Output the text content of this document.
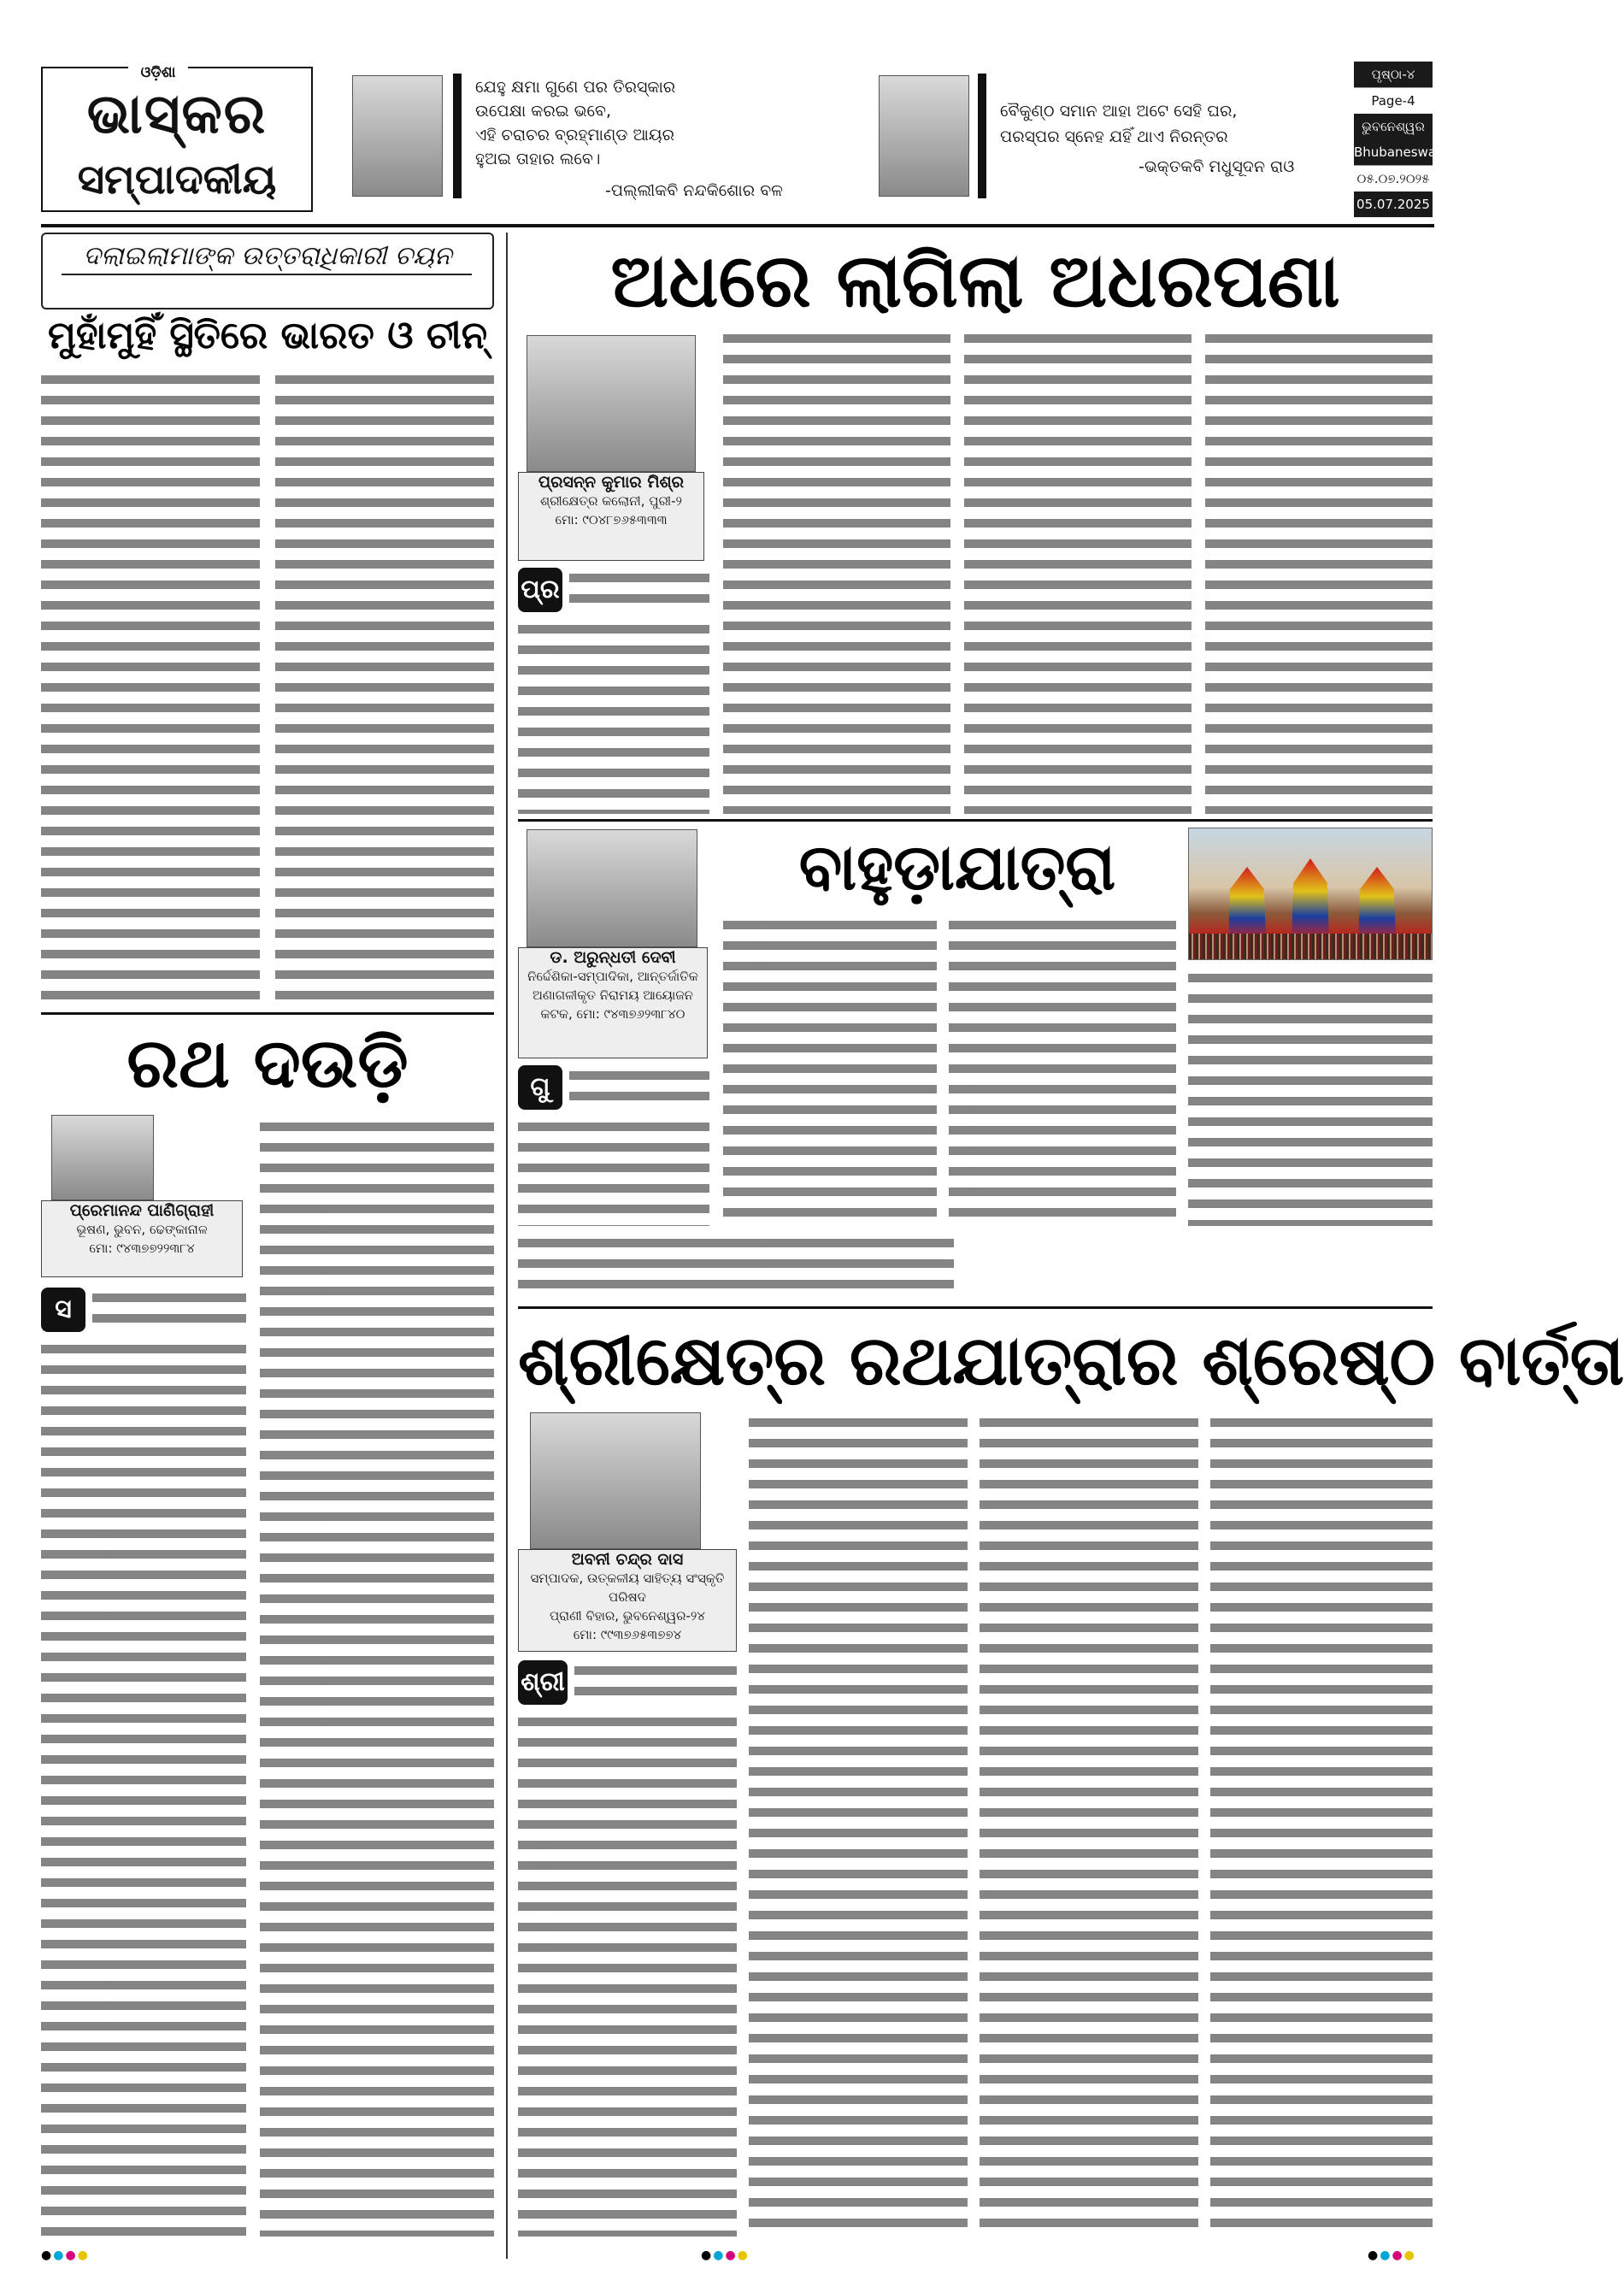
ଓଡ଼ିଶା
ଭାସ୍କର
ସମ୍ପାଦକୀୟ
ଯେହୁ କ୍ଷମା ଗୁଣେ ପର ତିରସ୍କାର
ଉପେକ୍ଷା କରଇ ଭବେ,
ଏହି ଚରାଚର ବ୍ରହ୍ମାଣ୍ଡ ଆୟର
ହୁଅଇ ତାହାର ଲବେ।
-ପଲ୍ଲୀକବି ନନ୍ଦକିଶୋର ବଳ
ବୈକୁଣ୍ଠ ସମାନ ଆହା ଅଟେ ସେହି ଘର,
ପରସ୍ପର ସ୍ନେହ ଯହିଁ ଥାଏ ନିରନ୍ତର
-ଭକ୍ତକବି ମଧୁସୂଦନ ରାଓ
ପୃଷ୍ଠା-୪
Page-4
ଭୁବନେଶ୍ୱର
Bhubaneswar
୦୫.୦୭.୨୦୨୫
05.07.2025
ଦଲାଇଲାମାଙ୍କ ଉତ୍ତରାଧିକାରୀ ଚୟନ
ମୁହାଁମୁହିଁ ସ୍ଥିତିରେ ଭାରତ ଓ ଚୀନ୍
ଅଧରେ ଲାଗିଲା ଅଧରପଣା
ପ୍ରସନ୍ନ କୁମାର ମିଶ୍ର
ଶ୍ରୀକ୍ଷେତ୍ର କଲୋନୀ, ପୁରୀ-୨
ମୋ: ୯୦୪୮୭୬୫୩୩୩
ପ୍ର
ବାହୁଡ଼ାଯାତ୍ରା
ଡ. ଅରୁନ୍ଧତୀ ଦେବୀ
ନିର୍ଦ୍ଦେଶିକା-ସମ୍ପାଦିକା, ଆନ୍ତର୍ଜାତିକ
ଅଣାଗଳୀକୃତ ନିରାମୟ ଆୟୋଜନ
କଟକ, ମୋ: ୯୪୩୭୬୨୩୮୪୦
ଗୁ
ରଥ ଦଉଡ଼ି
ପ୍ରେମାନନ୍ଦ ପାଣିଗ୍ରାହୀ
ଭୂଷଣ, ଭୁବନ, ଢେଙ୍କାନାଳ
ମୋ: ୯୪୩୭୭୨୨୩୮୪
ସ
ଶ୍ରୀକ୍ଷେତ୍ର ରଥଯାତ୍ରାର ଶ୍ରେଷ୍ଠ ବାର୍ତ୍ତା
ଅବନୀ ଚନ୍ଦ୍ର ଦାସ
ସମ୍ପାଦକ, ଉତ୍କଳୀୟ ସାହିତ୍ୟ ସଂସ୍କୃତି ପରିଷଦ
ପ୍ରାଣୀ ବିହାର, ଭୁବନେଶ୍ୱର-୨୪
ମୋ: ୯୯୩୭୬୫୩୭୭୪
ଶ୍ରୀ
●●●●	●●●●	●●●●
